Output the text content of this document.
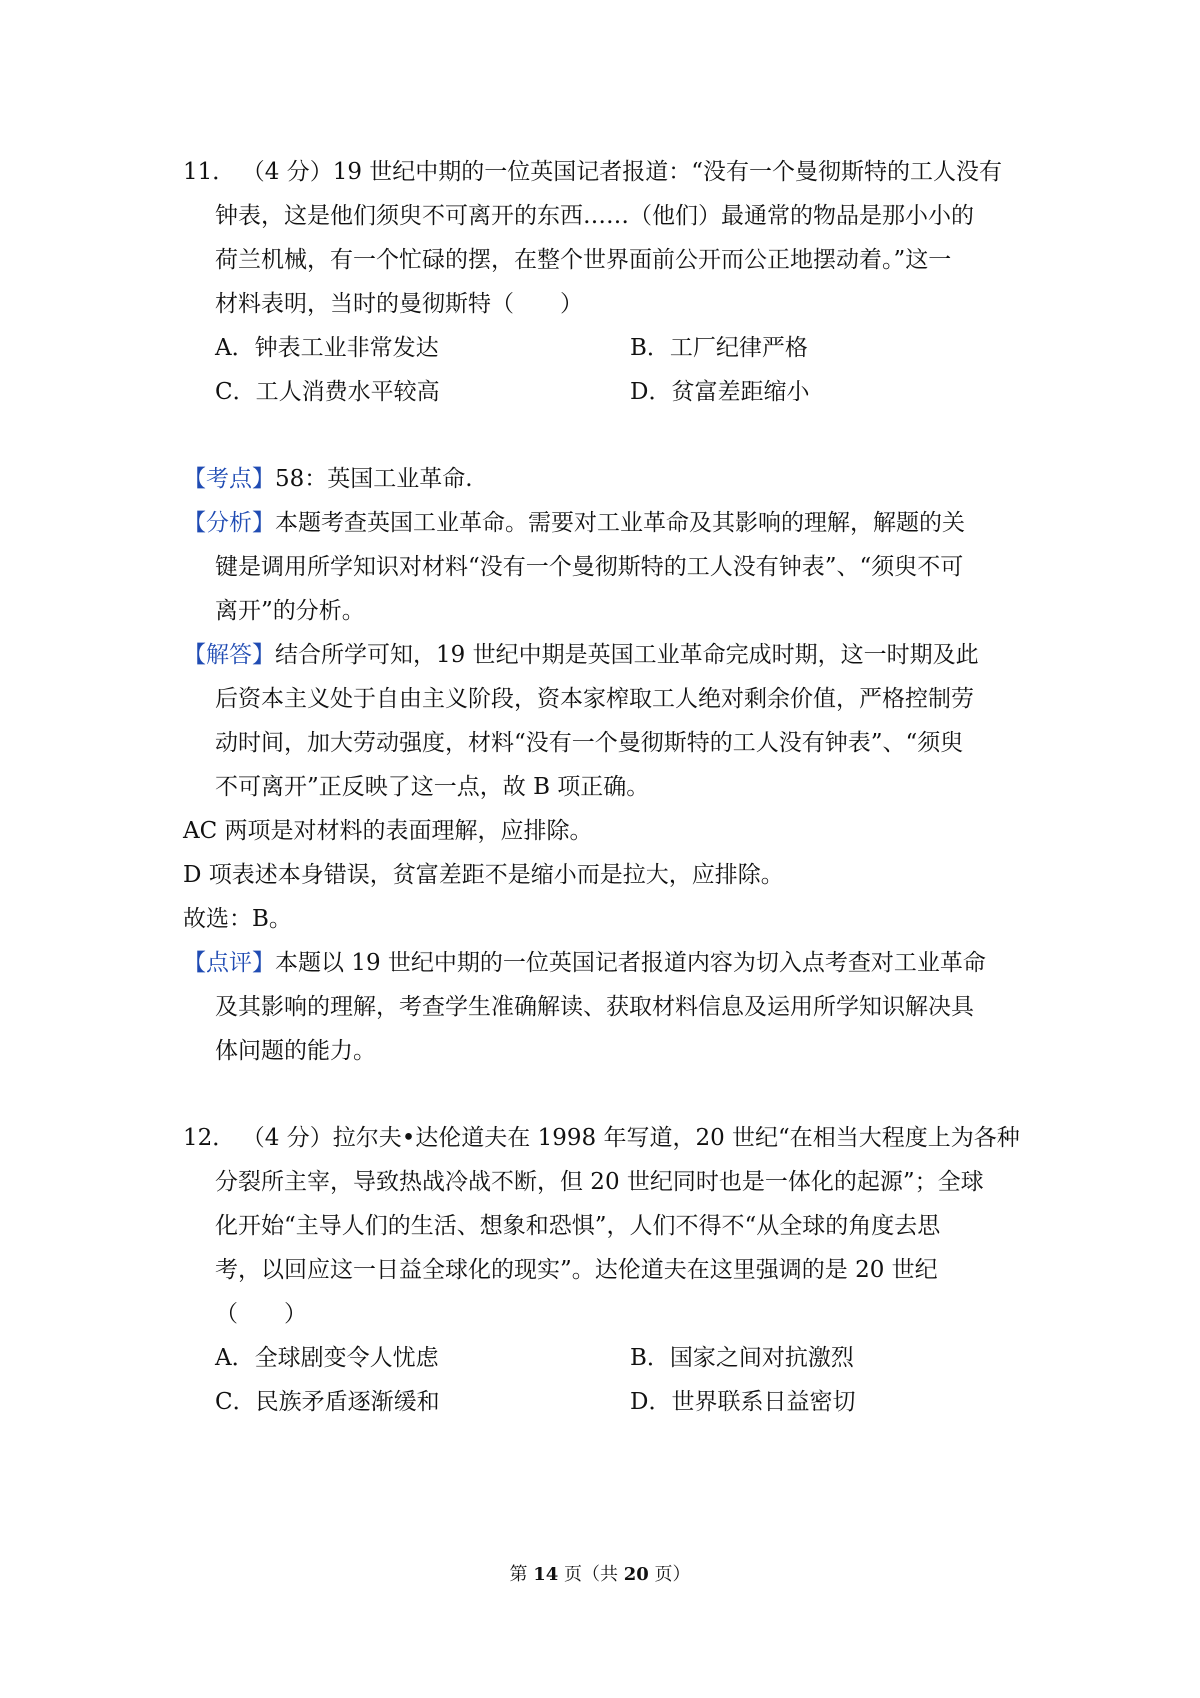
11． （4 分）19 世纪中期的一位英国记者报道：“没有一个曼彻斯特的工人没有
钟表，这是他们须臾不可离开的东西……（他们）最通常的物品是那小小的
荷兰机械，有一个忙碌的摆，在整个世界面前公开而公正地摆动着。”这一
材料表明，当时的曼彻斯特（　　）
A．钟表工业非常发达	B．工厂纪律严格
C．工人消费水平较高	D．贫富差距缩小
【考点】58：英国工业革命.
【分析】本题考查英国工业革命。需要对工业革命及其影响的理解，解题的关
键是调用所学知识对材料“没有一个曼彻斯特的工人没有钟表”、“须臾不可
离开”的分析。
【解答】结合所学可知，19 世纪中期是英国工业革命完成时期，这一时期及此
后资本主义处于自由主义阶段，资本家榨取工人绝对剩余价值，严格控制劳
动时间，加大劳动强度，材料“没有一个曼彻斯特的工人没有钟表”、“须臾
不可离开”正反映了这一点，故 B 项正确。
AC 两项是对材料的表面理解，应排除。
D 项表述本身错误，贫富差距不是缩小而是拉大，应排除。
故选：B。
【点评】本题以 19 世纪中期的一位英国记者报道内容为切入点考查对工业革命
及其影响的理解，考查学生准确解读、获取材料信息及运用所学知识解决具
体问题的能力。
12． （4 分）拉尔夫•达伦道夫在 1998 年写道，20 世纪“在相当大程度上为各种
分裂所主宰，导致热战冷战不断，但 20 世纪同时也是一体化的起源”；全球
化开始“主导人们的生活、想象和恐惧”，人们不得不“从全球的角度去思
考，以回应这一日益全球化的现实”。达伦道夫在这里强调的是 20 世纪
（　　）
A．全球剧变令人忧虑	B．国家之间对抗激烈
C．民族矛盾逐渐缓和	D．世界联系日益密切
第 14 页（共 20 页）
